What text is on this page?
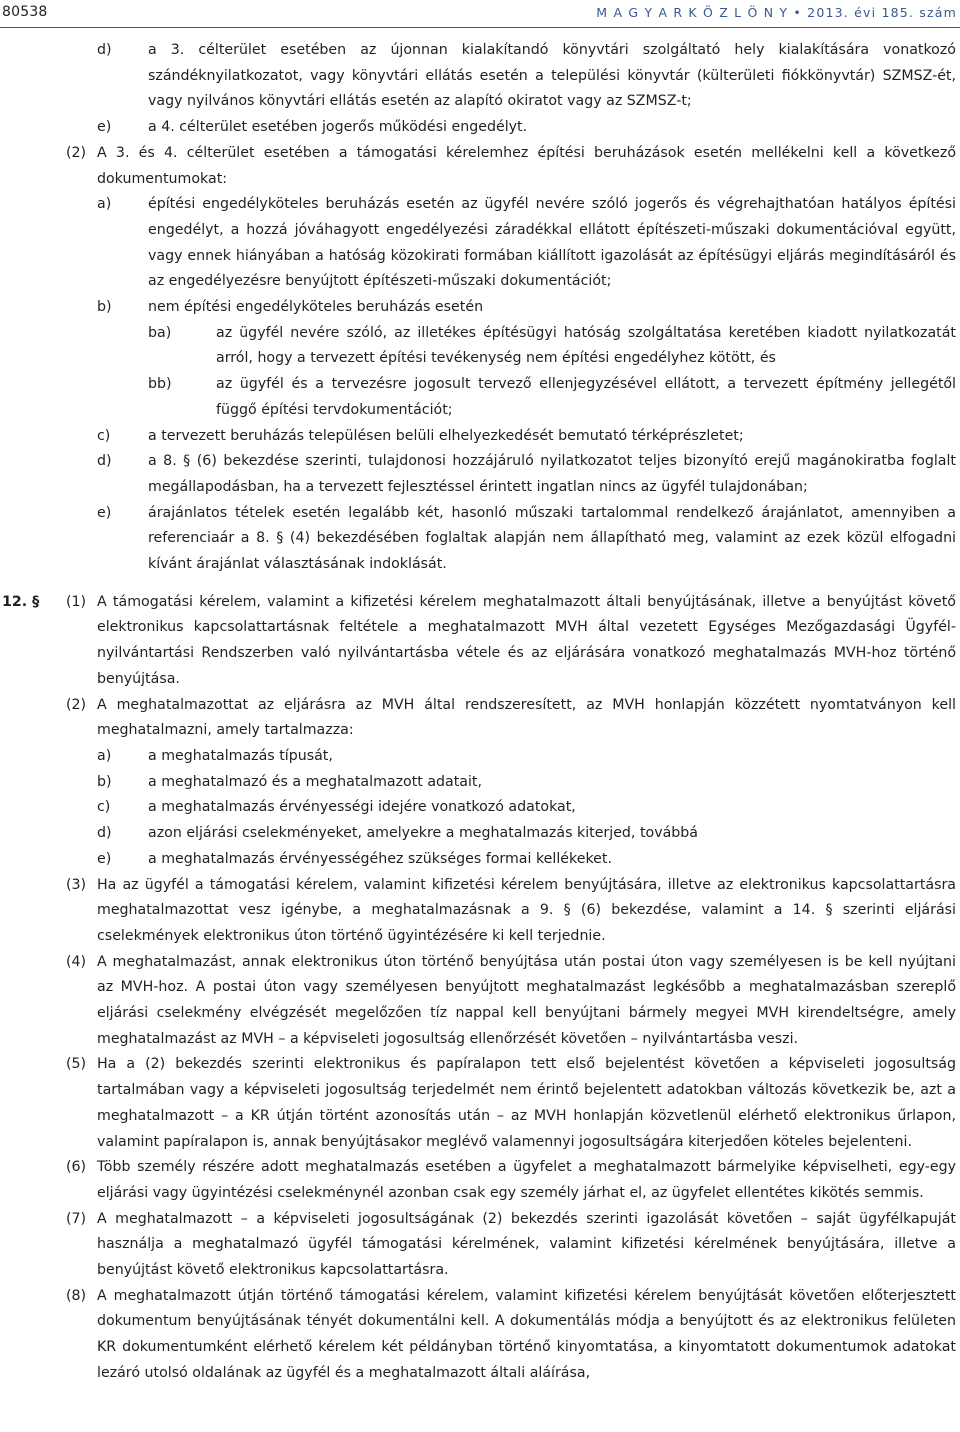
80538	M A G Y A R K Ö Z L Ö N Y • 2013. évi 185. szám
d)	a 3. célterület esetében az újonnan kialakítandó könyvtári szolgáltató hely kialakítására vonatkozó szándéknyilatkozatot, vagy könyvtári ellátás esetén a települési könyvtár (külterületi fiókkönyvtár) SZMSZ-ét, vagy nyilvános könyvtári ellátás esetén az alapító okiratot vagy az SZMSZ-t;
e)	a 4. célterület esetében jogerős működési engedélyt.
(2) A 3. és 4. célterület esetében a támogatási kérelemhez építési beruházások esetén mellékelni kell a következő dokumentumokat:
a)	építési engedélyköteles beruházás esetén az ügyfél nevére szóló jogerős és végrehajthatóan hatályos építési engedélyt, a hozzá jóváhagyott engedélyezési záradékkal ellátott építészeti-műszaki dokumentációval együtt, vagy ennek hiányában a hatóság közokirati formában kiállított igazolását az építésügyi eljárás megindításáról és az engedélyezésre benyújtott építészeti-műszaki dokumentációt;
b)	nem építési engedélyköteles beruházás esetén
ba)	az ügyfél nevére szóló, az illetékes építésügyi hatóság szolgáltatása keretében kiadott nyilatkozatát arról, hogy a tervezett építési tevékenység nem építési engedélyhez kötött, és
bb)	az ügyfél és a tervezésre jogosult tervező ellenjegyzésével ellátott, a tervezett építmény jellegétől függő építési tervdokumentációt;
c)	a tervezett beruházás településen belüli elhelyezkedését bemutató térképrészletet;
d)	a 8. § (6) bekezdése szerinti, tulajdonosi hozzájáruló nyilatkozatot teljes bizonyító erejű magánokiratba foglalt megállapodásban, ha a tervezett fejlesztéssel érintett ingatlan nincs az ügyfél tulajdonában;
e)	árajánlatos tételek esetén legalább két, hasonló műszaki tartalommal rendelkező árajánlatot, amennyiben a referenciaár a 8. § (4) bekezdésében foglaltak alapján nem állapítható meg, valamint az ezek közül elfogadni kívánt árajánlat választásának indoklását.
12. § (1) A támogatási kérelem, valamint a kifizetési kérelem meghatalmazott általi benyújtásának, illetve a benyújtást követő elektronikus kapcsolattartásnak feltétele a meghatalmazott MVH által vezetett Egységes Mezőgazdasági Ügyfél-nyilvántartási Rendszerben való nyilvántartásba vétele és az eljárására vonatkozó meghatalmazás MVH-hoz történő benyújtása.
(2) A meghatalmazottat az eljárásra az MVH által rendszeresített, az MVH honlapján közzétett nyomtatványon kell meghatalmazni, amely tartalmazza:
a)	a meghatalmazás típusát,
b)	a meghatalmazó és a meghatalmazott adatait,
c)	a meghatalmazás érvényességi idejére vonatkozó adatokat,
d)	azon eljárási cselekményeket, amelyekre a meghatalmazás kiterjed, továbbá
e)	a meghatalmazás érvényességéhez szükséges formai kellékeket.
(3) Ha az ügyfél a támogatási kérelem, valamint kifizetési kérelem benyújtására, illetve az elektronikus kapcsolattartásra meghatalmazottat vesz igénybe, a meghatalmazásnak a 9. § (6) bekezdése, valamint a 14. § szerinti eljárási cselekmények elektronikus úton történő ügyintézésére ki kell terjednie.
(4) A meghatalmazást, annak elektronikus úton történő benyújtása után postai úton vagy személyesen is be kell nyújtani az MVH-hoz. A postai úton vagy személyesen benyújtott meghatalmazást legkésőbb a meghatalmazásban szereplő eljárási cselekmény elvégzését megelőzően tíz nappal kell benyújtani bármely megyei MVH kirendeltségre, amely meghatalmazást az MVH – a képviseleti jogosultság ellenőrzését követően – nyilvántartásba veszi.
(5) Ha a (2) bekezdés szerinti elektronikus és papíralapon tett első bejelentést követően a képviseleti jogosultság tartalmában vagy a képviseleti jogosultság terjedelmét nem érintő bejelentett adatokban változás következik be, azt a meghatalmazott – a KR útján történt azonosítás után – az MVH honlapján közvetlenül elérhető elektronikus űrlapon, valamint papíralapon is, annak benyújtásakor meglévő valamennyi jogosultságára kiterjedően köteles bejelenteni.
(6) Több személy részére adott meghatalmazás esetében a ügyfelet a meghatalmazott bármelyike képviselheti, egy-egy eljárási vagy ügyintézési cselekménynél azonban csak egy személy járhat el, az ügyfelet ellentétes kikötés semmis.
(7) A meghatalmazott – a képviseleti jogosultságának (2) bekezdés szerinti igazolását követően – saját ügyfélkapuját használja a meghatalmazó ügyfél támogatási kérelmének, valamint kifizetési kérelmének benyújtására, illetve a benyújtást követő elektronikus kapcsolattartásra.
(8) A meghatalmazott útján történő támogatási kérelem, valamint kifizetési kérelem benyújtását követően előterjesztett dokumentum benyújtásának tényét dokumentálni kell. A dokumentálás módja a benyújtott és az elektronikus felületen KR dokumentumként elérhető kérelem két példányban történő kinyomtatása, a kinyomtatott dokumentumok adatokat lezáró utolsó oldalának az ügyfél és a meghatalmazott általi aláírása,
